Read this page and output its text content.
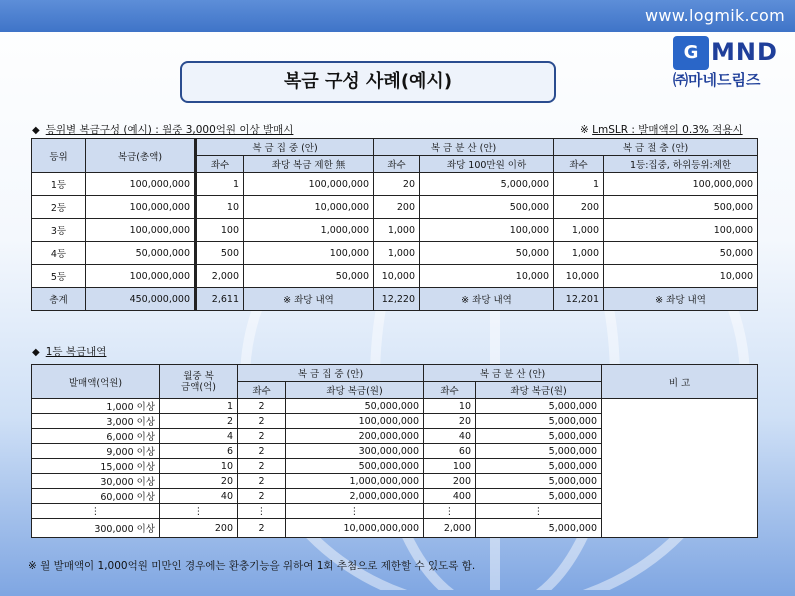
www.logmik.com
G MND
㈜마네드림즈
복금 구성 사례(예시)
◆ 등위별 복금구성 (예시) : 월중 3,000억원 이상 발매시	※ LmSLR : 발매액의 0.3% 적용시
등위	복금(총액)	복 금 집 중 (안)		복 금 분 산 (안)		복 금 절 충 (안)	
		좌수	좌당 복금 제한 無	좌수	좌당 100만원 이하	좌수	1등:집중, 하위등위:제한
1등	100,000,000	1	100,000,000	20	5,000,000	1	100,000,000
2등	100,000,000	10	10,000,000	200	500,000	200	500,000
3등	100,000,000	100	1,000,000	1,000	100,000	1,000	100,000
4등	50,000,000	500	100,000	1,000	50,000	1,000	50,000
5등	100,000,000	2,000	50,000	10,000	10,000	10,000	10,000
총계	450,000,000	2,611	※ 좌당 내역	12,220	※ 좌당 내역	12,201	※ 좌당 내역
◆ 1등 복금내역
발매액(억원)	월중 복
금액(억)	복 금 집 중 (안)		복 금 분 산 (안)		비 고
		좌수	좌당 복금(원)	좌수	좌당 복금(원)	
1,000 이상	1	2	50,000,000	10	5,000,000	
3,000 이상	2	2	100,000,000	20	5,000,000	
6,000 이상	4	2	200,000,000	40	5,000,000	
9,000 이상	6	2	300,000,000	60	5,000,000	
15,000 이상	10	2	500,000,000	100	5,000,000	
30,000 이상	20	2	1,000,000,000	200	5,000,000	
60,000 이상	40	2	2,000,000,000	400	5,000,000	
⋮	⋮	⋮	⋮	⋮	⋮	
300,000 이상	200	2	10,000,000,000	2,000	5,000,000	
※ 월 발매액이 1,000억원 미만인 경우에는 환충기능을 위하여 1회 추첨으로 제한할 수 있도록 함.
